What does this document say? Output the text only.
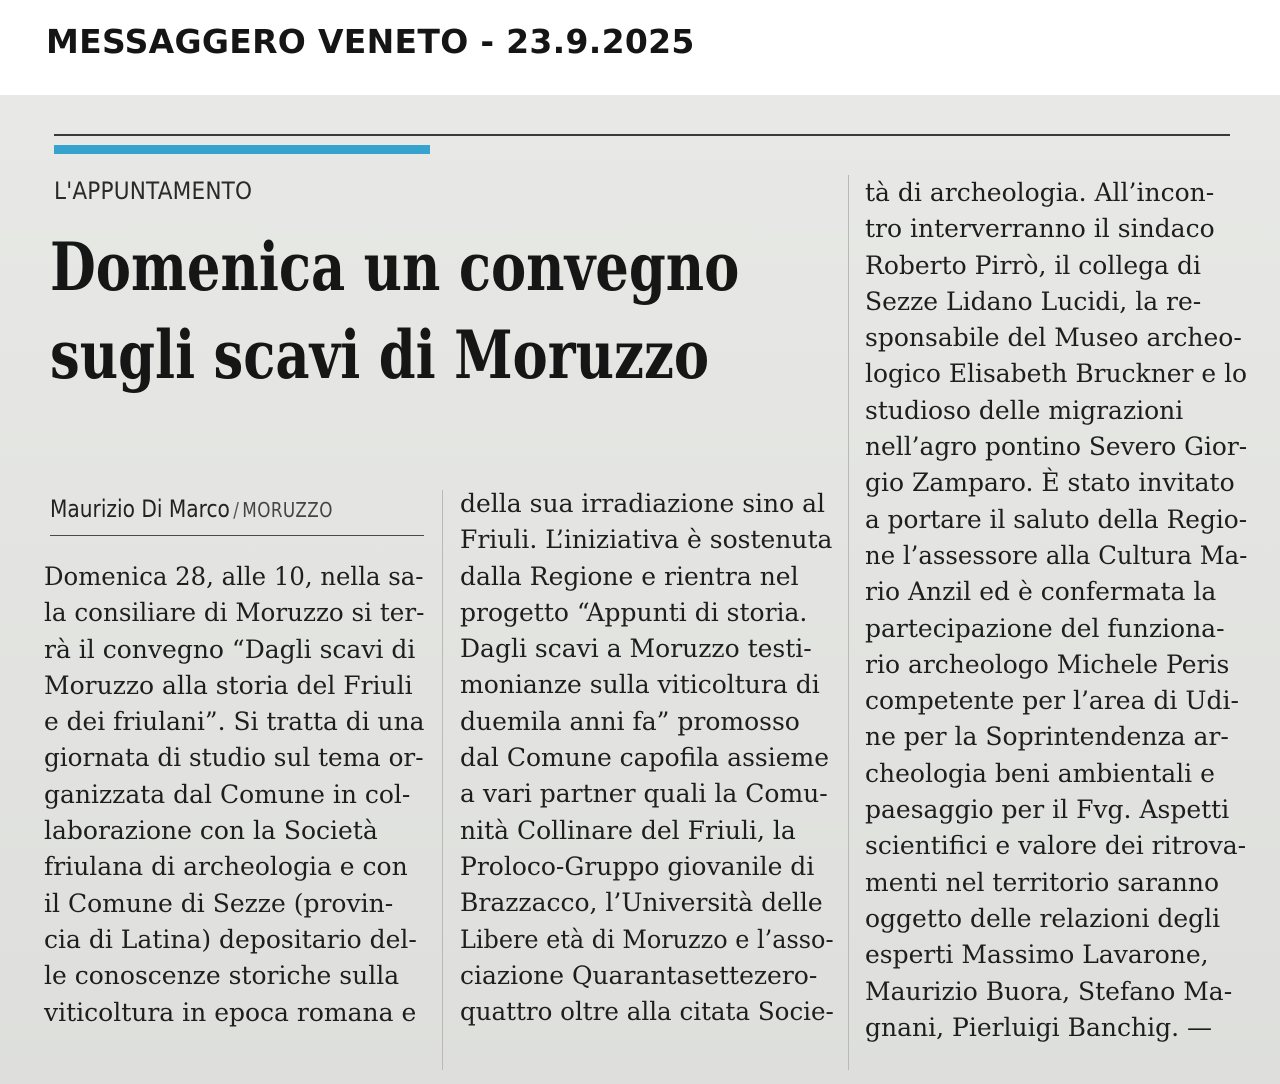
MESSAGGERO VENETO - 23.9.2025
L'APPUNTAMENTO
Domenica un convegno
sugli scavi di Moruzzo
Maurizio Di Marco / MORUZZO
Domenica 28, alle 10, nella sa-
la consiliare di Moruzzo si ter-
rà il convegno “Dagli scavi di
Moruzzo alla storia del Friuli
e dei friulani”. Si tratta di una
giornata di studio sul tema or-
ganizzata dal Comune in col-
laborazione con la Società
friulana di archeologia e con
il Comune di Sezze (provin-
cia di Latina) depositario del-
le conoscenze storiche sulla
viticoltura in epoca romana e
della sua irradiazione sino al
Friuli. L’iniziativa è sostenuta
dalla Regione e rientra nel
progetto “Appunti di storia.
Dagli scavi a Moruzzo testi-
monianze sulla viticoltura di
duemila anni fa” promosso
dal Comune capofila assieme
a vari partner quali la Comu-
nità Collinare del Friuli, la
Proloco-Gruppo giovanile di
Brazzacco, l’Università delle
Libere età di Moruzzo e l’asso-
ciazione Quarantasettezero-
quattro oltre alla citata Socie-
tà di archeologia. All’incon-
tro interverranno il sindaco
Roberto Pirrò, il collega di
Sezze Lidano Lucidi, la re-
sponsabile del Museo archeo-
logico Elisabeth Bruckner e lo
studioso delle migrazioni
nell’agro pontino Severo Gior-
gio Zamparo. È stato invitato
a portare il saluto della Regio-
ne l’assessore alla Cultura Ma-
rio Anzil ed è confermata la
partecipazione del funziona-
rio archeologo Michele Peris
competente per l’area di Udi-
ne per la Soprintendenza ar-
cheologia beni ambientali e
paesaggio per il Fvg. Aspetti
scientifici e valore dei ritrova-
menti nel territorio saranno
oggetto delle relazioni degli
esperti Massimo Lavarone,
Maurizio Buora, Stefano Ma-
gnani, Pierluigi Banchig. —
